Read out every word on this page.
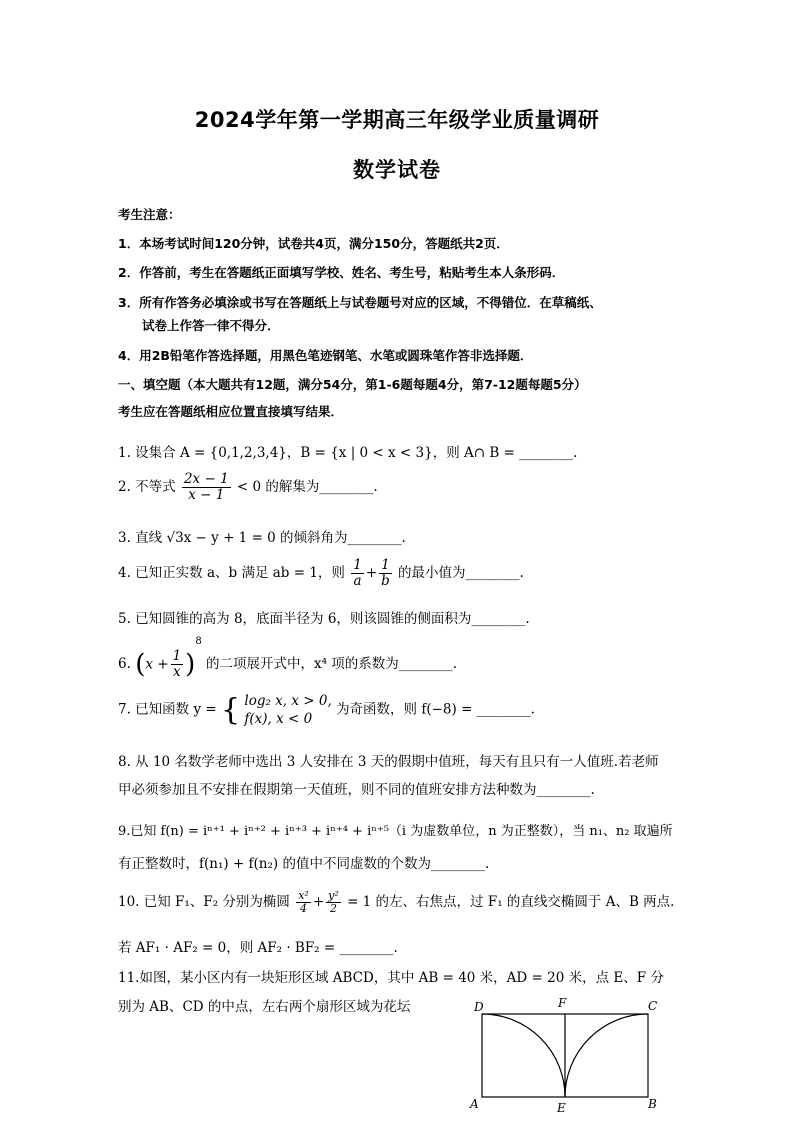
2024学年第一学期高三年级学业质量调研
数学试卷
考生注意：
1．本场考试时间120分钟，试卷共4页，满分150分，答题纸共2页．
2．作答前，考生在答题纸正面填写学校、姓名、考生号，粘贴考生本人条形码．
3．所有作答务必填涂或书写在答题纸上与试卷题号对应的区域，不得错位．在草稿纸、
试卷上作答一律不得分．
4．用2B铅笔作答选择题，用黑色笔迹钢笔、水笔或圆珠笔作答非选择题．
一、填空题（本大题共有12题，满分54分，第1-6题每题4分，第7-12题每题5分）
考生应在答题纸相应位置直接填写结果．
1. 设集合 A = {0,1,2,3,4}，B = {x | 0 < x < 3}，则 A∩ B = ________.
2. 不等式 $\frac{2x - 1}{x - 1} < 0$ 的解集为________.
3. 直线 √3x − y + 1 = 0 的倾斜角为________.
4. 已知正实数 a、b 满足 ab = 1，则 $\frac{1}{a} + \frac{1}{b}$ 的最小值为________.
5. 已知圆锥的高为 8，底面半径为 6，则该圆锥的侧面积为________.
6. $(x + \frac{1}{x} )^8$ 的二项展开式中，x⁴ 项的系数为________.
7. 已知函数 y = { log₂ x, x > 0,
f(x), x < 0
为奇函数，则 f(−8) = ________.
8. 从 10 名数学老师中选出 3 人安排在 3 天的假期中值班，每天有且只有一人值班.若老师
甲必须参加且不安排在假期第一天值班，则不同的值班安排方法种数为________.
9.已知 f(n) = iⁿ⁺¹ + iⁿ⁺² + iⁿ⁺³ + iⁿ⁺⁴ + iⁿ⁺⁵（i 为虚数单位，n 为正整数），当 n₁、n₂ 取遍所
有正整数时，f(n₁) + f(n₂) 的值中不同虚数的个数为________.
10. 已知 F₁、F₂ 分别为椭圆 $\frac{\text{x²}}{4} + \frac{\text{y²}}{2} = 1$ 的左、右焦点，过 F₁ 的直线交椭圆于 A、B 两点.
若 AF₁ · AF₂ = 0，则 AF₂ · BF₂ = ________.
11.如图，某小区内有一块矩形区域 ABCD，其中 AB = 40 米，AD = 20 米，点 E、F 分
别为 AB、CD 的中点，左右两个扇形区域为花坛	D	F	C
A	E	B
